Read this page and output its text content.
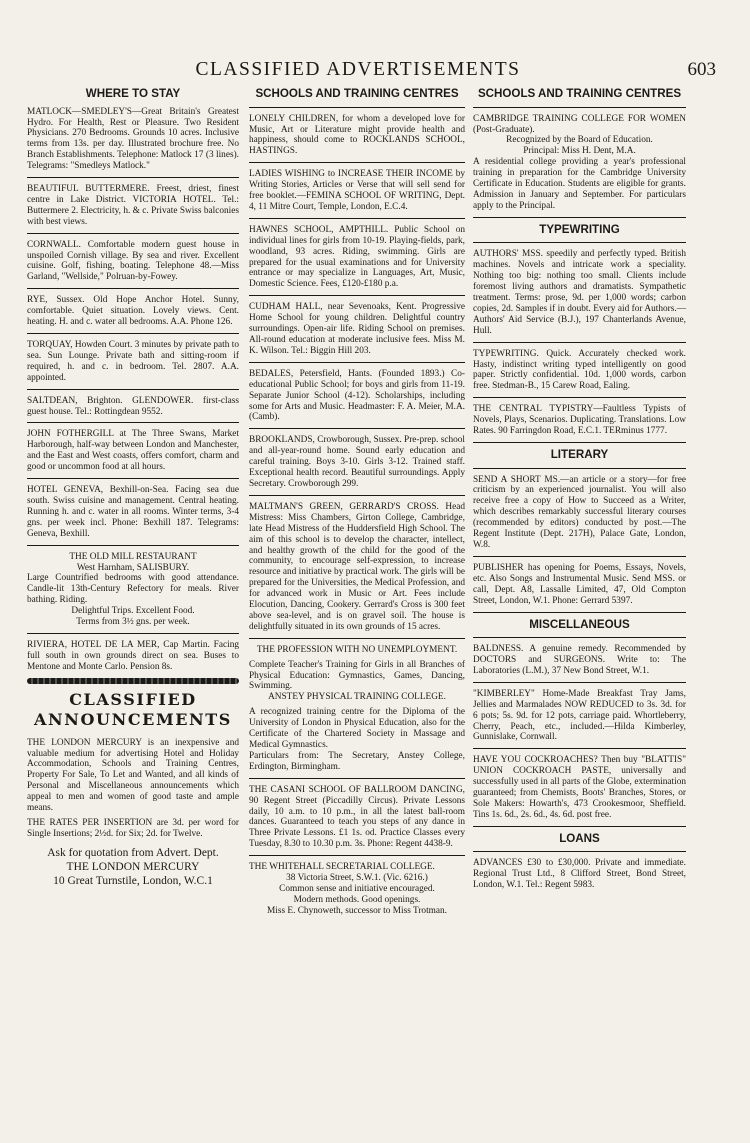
CLASSIFIED ADVERTISEMENTS	603
WHERE TO STAY
MATLOCK—SMEDLEY'S—Great Britain's Greatest Hydro. For Health, Rest or Pleasure. Two Resident Physicians. 270 Bedrooms. Grounds 10 acres. Inclusive terms from 13s. per day. Illustrated brochure free. No Branch Establishments. Telephone: Matlock 17 (3 lines). Telegrams: "Smedleys Matlock."
BEAUTIFUL BUTTERMERE. Freest, driest, finest centre in Lake District. VICTORIA HOTEL. Tel.: Buttermere 2. Electricity, h. & c. Private Swiss balconies with best views.
CORNWALL. Comfortable modern guest house in unspoiled Cornish village. By sea and river. Excellent cuisine. Golf, fishing, boating. Telephone 48.—Miss Garland, "Wellside," Polruan-by-Fowey.
RYE, Sussex. Old Hope Anchor Hotel. Sunny, comfortable. Quiet situation. Lovely views. Cent. heating. H. and c. water all bedrooms. A.A. Phone 126.
TORQUAY, Howden Court. 3 minutes by private path to sea. Sun Lounge. Private bath and sitting-room if required, h. and c. in bedroom. Tel. 2807. A.A. appointed.
SALTDEAN, Brighton. GLENDOWER. first-class guest house. Tel.: Rottingdean 9552.
JOHN FOTHERGILL at The Three Swans, Market Harborough, half-way between London and Manchester, and the East and West coasts, offers comfort, charm and good or uncommon food at all hours.
HOTEL GENEVA, Bexhill-on-Sea. Facing sea due south. Swiss cuisine and management. Central heating. Running h. and c. water in all rooms. Winter terms, 3-4 gns. per week incl. Phone: Bexhill 187. Telegrams: Geneva, Bexhill.
THE OLD MILL RESTAURANT
West Harnham, SALISBURY.
Large Countrified bedrooms with good attendance. Candle-lit 13th-Century Refectory for meals. River bathing. Riding.
Delightful Trips. Excellent Food.
Terms from 3½ gns. per week.
RIVIERA, HOTEL DE LA MER, Cap Martin. Facing full south in own grounds direct on sea. Buses to Mentone and Monte Carlo. Pension 8s.
CLASSIFIED
ANNOUNCEMENTS
THE LONDON MERCURY is an inexpensive and valuable medium for advertising Hotel and Holiday Accommodation, Schools and Training Centres, Property For Sale, To Let and Wanted, and all kinds of Personal and Miscellaneous announcements which appeal to men and women of good taste and ample means.
THE RATES PER INSERTION are 3d. per word for Single Insertions; 2½d. for Six; 2d. for Twelve.
Ask for quotation from Advert. Dept.
THE LONDON MERCURY
10 Great Turnstile, London, W.C.1
SCHOOLS AND TRAINING CENTRES
LONELY CHILDREN, for whom a developed love for Music, Art or Literature might provide health and happiness, should come to ROCKLANDS SCHOOL, HASTINGS.
LADIES WISHING to INCREASE THEIR INCOME by Writing Stories, Articles or Verse that will sell send for free booklet.—FEMINA SCHOOL OF WRITING, Dept. 4, 11 Mitre Court, Temple, London, E.C.4.
HAWNES SCHOOL, AMPTHILL. Public School on individual lines for girls from 10-19. Playing-fields, park, woodland, 93 acres. Riding, swimming. Girls are prepared for the usual examinations and for University entrance or may specialize in Languages, Art, Music, Domestic Science. Fees, £120-£180 p.a.
CUDHAM HALL, near Sevenoaks, Kent. Progressive Home School for young children. Delightful country surroundings. Open-air life. Riding School on premises. All-round education at moderate inclusive fees. Miss M. K. Wilson. Tel.: Biggin Hill 203.
BEDALES, Petersfield, Hants. (Founded 1893.) Co-educational Public School; for boys and girls from 11-19. Separate Junior School (4-12). Scholarships, including some for Arts and Music. Headmaster: F. A. Meier, M.A. (Camb).
BROOKLANDS, Crowborough, Sussex. Pre-prep. school and all-year-round home. Sound early education and careful training. Boys 3-10. Girls 3-12. Trained staff. Exceptional health record. Beautiful surroundings. Apply Secretary. Crowborough 299.
MALTMAN'S GREEN, GERRARD'S CROSS. Head Mistress: Miss Chambers, Girton College, Cambridge, late Head Mistress of the Huddersfield High School. The aim of this school is to develop the character, intellect, and healthy growth of the child for the good of the community, to encourage self-expression, to increase resource and initiative by practical work. The girls will be prepared for the Universities, the Medical Profession, and for advanced work in Music or Art. Fees include Elocution, Dancing, Cookery. Gerrard's Cross is 300 feet above sea-level, and is on gravel soil. The house is delightfully situated in its own grounds of 15 acres.
THE PROFESSION WITH NO UNEMPLOYMENT.
Complete Teacher's Training for Girls in all Branches of Physical Education: Gymnastics, Games, Dancing, Swimming.
ANSTEY PHYSICAL TRAINING COLLEGE.
A recognized training centre for the Diploma of the University of London in Physical Education, also for the Certificate of the Chartered Society in Massage and Medical Gymnastics.
Particulars from: The Secretary, Anstey College, Erdington, Birmingham.
THE CASANI SCHOOL OF BALLROOM DANCING, 90 Regent Street (Piccadilly Circus). Private Lessons daily, 10 a.m. to 10 p.m., in all the latest ball-room dances. Guaranteed to teach you steps of any dance in Three Private Lessons. £1 1s. od. Practice Classes every Tuesday, 8.30 to 10.30 p.m. 3s. Phone: Regent 4438-9.
THE WHITEHALL SECRETARIAL COLLEGE.
38 Victoria Street, S.W.1. (Vic. 6216.)
Common sense and initiative encouraged.
Modern methods. Good openings.
Miss E. Chynoweth, successor to Miss Trotman.
SCHOOLS AND TRAINING CENTRES
CAMBRIDGE TRAINING COLLEGE FOR WOMEN (Post-Graduate).
Recognized by the Board of Education.
Principal: Miss H. Dent, M.A.
A residential college providing a year's professional training in preparation for the Cambridge University Certificate in Education. Students are eligible for grants. Admission in January and September. For particulars apply to the Principal.
TYPEWRITING
AUTHORS' MSS. speedily and perfectly typed. British machines. Novels and intricate work a speciality. Nothing too big: nothing too small. Clients include foremost living authors and dramatists. Sympathetic treatment. Terms: prose, 9d. per 1,000 words; carbon copies, 2d. Samples if in doubt. Every aid for Authors.—Authors' Aid Service (B.J.), 197 Chanterlands Avenue, Hull.
TYPEWRITING. Quick. Accurately checked work. Hasty, indistinct writing typed intelligently on good paper. Strictly confidential. 10d. 1,000 words, carbon free. Stedman-B., 15 Carew Road, Ealing.
THE CENTRAL TYPISTRY—Faultless Typists of Novels, Plays, Scenarios. Duplicating. Translations. Low Rates. 90 Farringdon Road, E.C.1. TERminus 1777.
LITERARY
SEND A SHORT MS.—an article or a story—for free criticism by an experienced journalist. You will also receive free a copy of How to Succeed as a Writer, which describes remarkably successful literary courses (recommended by editors) conducted by post.—The Regent Institute (Dept. 217H), Palace Gate, London, W.8.
PUBLISHER has opening for Poems, Essays, Novels, etc. Also Songs and Instrumental Music. Send MSS. or call, Dept. A8, Lassalle Limited, 47, Old Compton Street, London, W.1. Phone: Gerrard 5397.
MISCELLANEOUS
BALDNESS. A genuine remedy. Recommended by DOCTORS and SURGEONS. Write to: The Laboratories (L.M.), 37 New Bond Street, W.1.
"KIMBERLEY" Home-Made Breakfast Tray Jams, Jellies and Marmalades NOW REDUCED to 3s. 3d. for 6 pots; 5s. 9d. for 12 pots, carriage paid. Whortleberry, Cherry, Peach, etc., included.—Hilda Kimberley, Gunnislake, Cornwall.
HAVE YOU COCKROACHES? Then buy "BLATTIS" UNION COCKROACH PASTE, universally and successfully used in all parts of the Globe, extermination guaranteed; from Chemists, Boots' Branches, Stores, or Sole Makers: Howarth's, 473 Crookesmoor, Sheffield. Tins 1s. 6d., 2s. 6d., 4s. 6d. post free.
LOANS
ADVANCES £30 to £30,000. Private and immediate. Regional Trust Ltd., 8 Clifford Street, Bond Street, London, W.1. Tel.: Regent 5983.
